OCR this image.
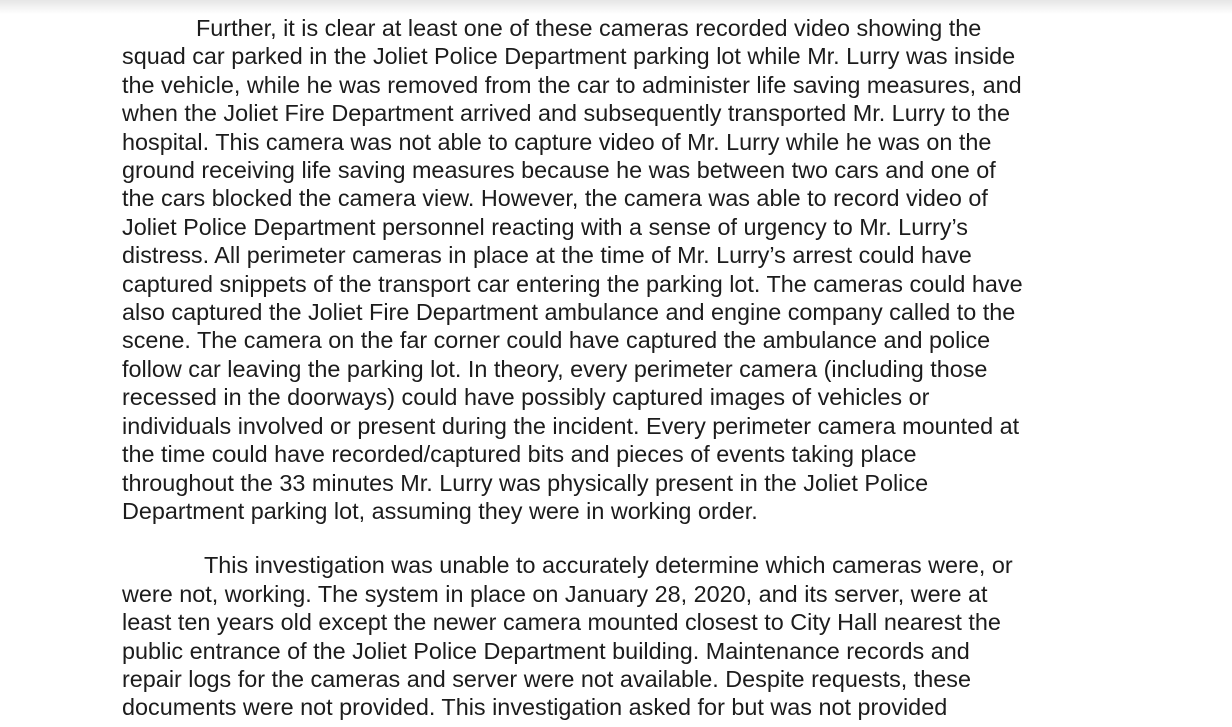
Further, it is clear at least one of these cameras recorded video showing the
squad car parked in the Joliet Police Department parking lot while Mr. Lurry was inside
the vehicle, while he was removed from the car to administer life saving measures, and
when the Joliet Fire Department arrived and subsequently transported Mr. Lurry to the
hospital. This camera was not able to capture video of Mr. Lurry while he was on the
ground receiving life saving measures because he was between two cars and one of
the cars blocked the camera view. However, the camera was able to record video of
Joliet Police Department personnel reacting with a sense of urgency to Mr. Lurry’s
distress. All perimeter cameras in place at the time of Mr. Lurry’s arrest could have
captured snippets of the transport car entering the parking lot. The cameras could have
also captured the Joliet Fire Department ambulance and engine company called to the
scene. The camera on the far corner could have captured the ambulance and police
follow car leaving the parking lot. In theory, every perimeter camera (including those
recessed in the doorways) could have possibly captured images of vehicles or
individuals involved or present during the incident. Every perimeter camera mounted at
the time could have recorded/captured bits and pieces of events taking place
throughout the 33 minutes Mr. Lurry was physically present in the Joliet Police
Department parking lot, assuming they were in working order.

This investigation was unable to accurately determine which cameras were, or
were not, working. The system in place on January 28, 2020, and its server, were at
least ten years old except the newer camera mounted closest to City Hall nearest the
public entrance of the Joliet Police Department building. Maintenance records and
repair logs for the cameras and server were not available. Despite requests, these
documents were not provided. This investigation asked for but was not provided
